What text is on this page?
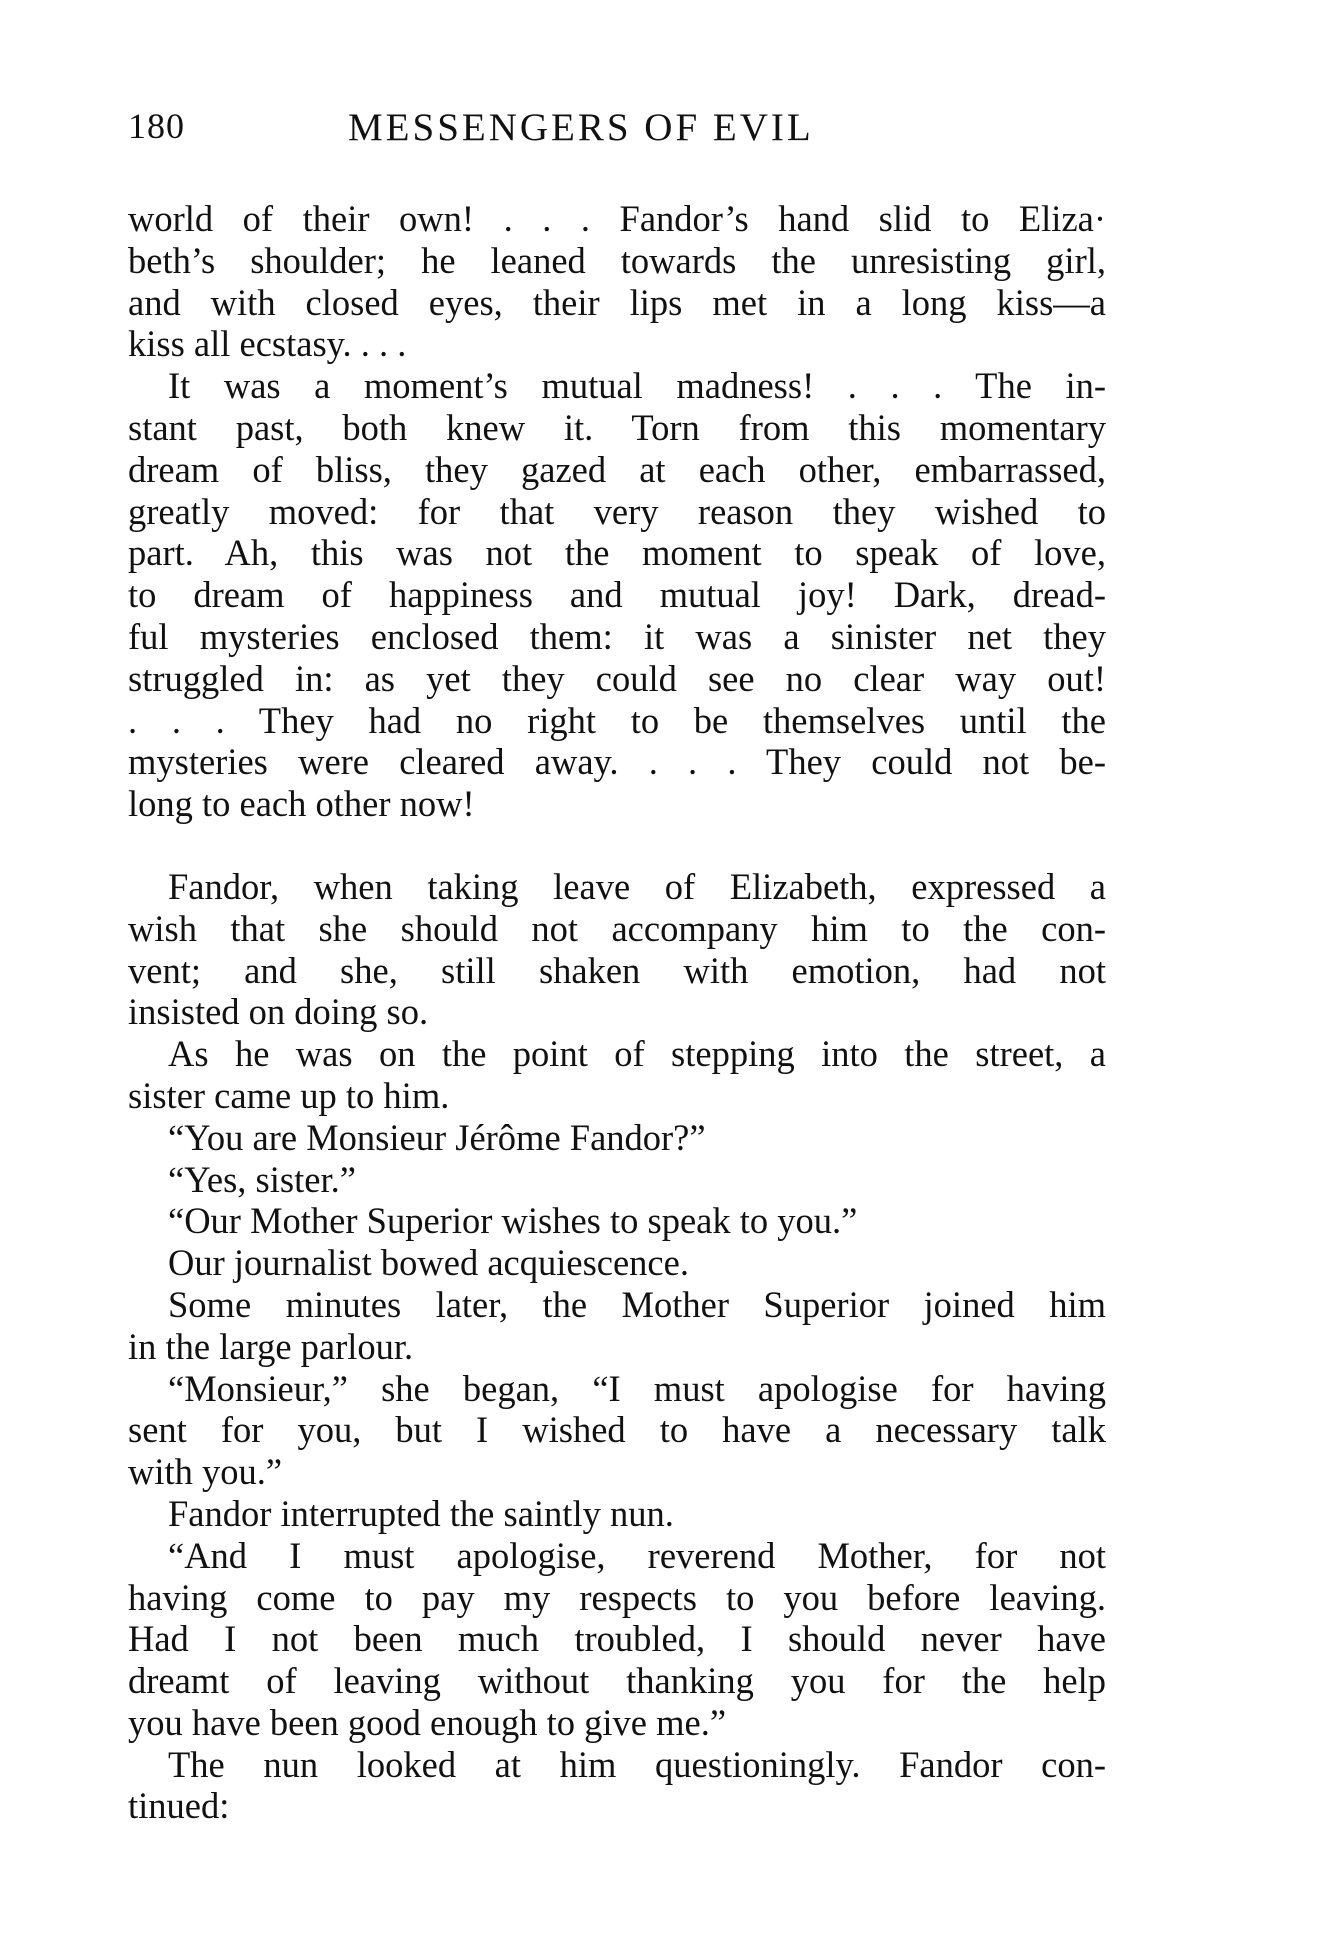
180	MESSENGERS OF EVIL
world of their own! . . . Fandor’s hand slid to Eliza·
beth’s shoulder; he leaned towards the unresisting girl,
and with closed eyes, their lips met in a long kiss—a
kiss all ecstasy. . . .
It was a moment’s mutual madness! . . . The in-
stant past, both knew it. Torn from this momentary
dream of bliss, they gazed at each other, embarrassed,
greatly moved: for that very reason they wished to
part. Ah, this was not the moment to speak of love,
to dream of happiness and mutual joy! Dark, dread-
ful mysteries enclosed them: it was a sinister net they
struggled in: as yet they could see no clear way out!
. . . They had no right to be themselves until the
mysteries were cleared away. . . . They could not be-
long to each other now!
Fandor, when taking leave of Elizabeth, expressed a
wish that she should not accompany him to the con-
vent; and she, still shaken with emotion, had not
insisted on doing so.
As he was on the point of stepping into the street, a
sister came up to him.
“You are Monsieur Jérôme Fandor?”
“Yes, sister.”
“Our Mother Superior wishes to speak to you.”
Our journalist bowed acquiescence.
Some minutes later, the Mother Superior joined him
in the large parlour.
“Monsieur,” she began, “I must apologise for having
sent for you, but I wished to have a necessary talk
with you.”
Fandor interrupted the saintly nun.
“And I must apologise, reverend Mother, for not
having come to pay my respects to you before leaving.
Had I not been much troubled, I should never have
dreamt of leaving without thanking you for the help
you have been good enough to give me.”
The nun looked at him questioningly. Fandor con-
tinued:
